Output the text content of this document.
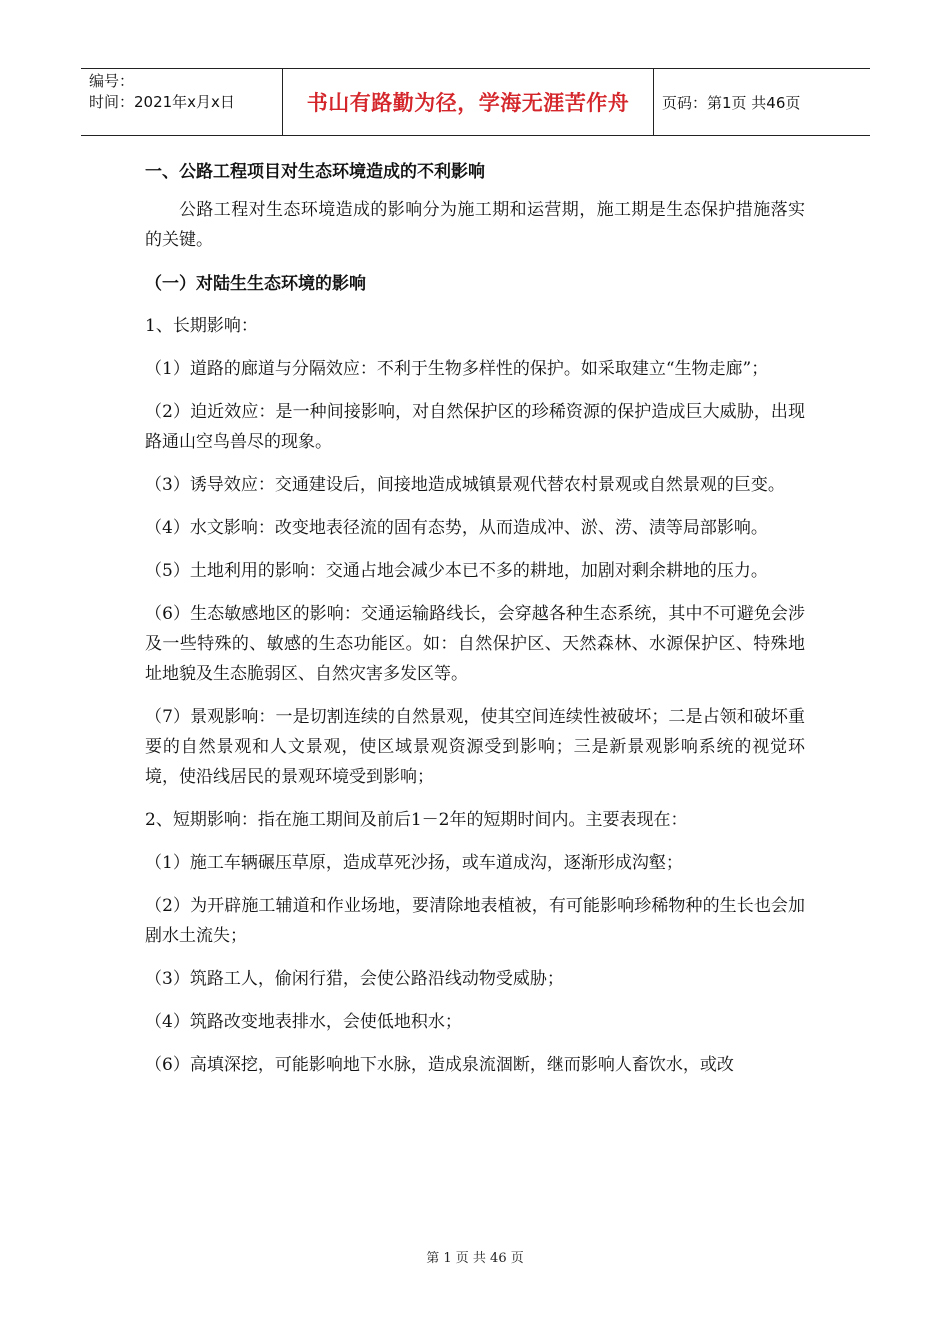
编号：
时间：2021年x月x日	书山有路勤为径，学海无涯苦作舟	页码：第1页 共46页
一、公路工程项目对生态环境造成的不利影响

公路工程对生态环境造成的影响分为施工期和运营期，施工期是生态保护措施落实的关键。

（一）对陆生生态环境的影响

1、长期影响：

（1）道路的廊道与分隔效应：不利于生物多样性的保护。如采取建立“生物走廊”；

（2）迫近效应：是一种间接影响，对自然保护区的珍稀资源的保护造成巨大威胁，出现路通山空鸟兽尽的现象。

（3）诱导效应：交通建设后，间接地造成城镇景观代替农村景观或自然景观的巨变。

（4）水文影响：改变地表径流的固有态势，从而造成冲、淤、涝、渍等局部影响。

（5）土地利用的影响：交通占地会减少本已不多的耕地，加剧对剩余耕地的压力。

（6）生态敏感地区的影响：交通运输路线长，会穿越各种生态系统，其中不可避免会涉及一些特殊的、敏感的生态功能区。如：自然保护区、天然森林、水源保护区、特殊地址地貌及生态脆弱区、自然灾害多发区等。

（7）景观影响：一是切割连续的自然景观，使其空间连续性被破坏；二是占领和破坏重要的自然景观和人文景观，使区域景观资源受到影响；三是新景观影响系统的视觉环境，使沿线居民的景观环境受到影响；

2、短期影响：指在施工期间及前后1－2年的短期时间内。主要表现在：

（1）施工车辆碾压草原，造成草死沙扬，或车道成沟，逐渐形成沟壑；

（2）为开辟施工辅道和作业场地，要清除地表植被，有可能影响珍稀物种的生长也会加剧水土流失；

（3）筑路工人，偷闲行猎，会使公路沿线动物受威胁；

（4）筑路改变地表排水，会使低地积水；

（6）高填深挖，可能影响地下水脉，造成泉流涸断，继而影响人畜饮水，或改

第 1 页 共 46 页
